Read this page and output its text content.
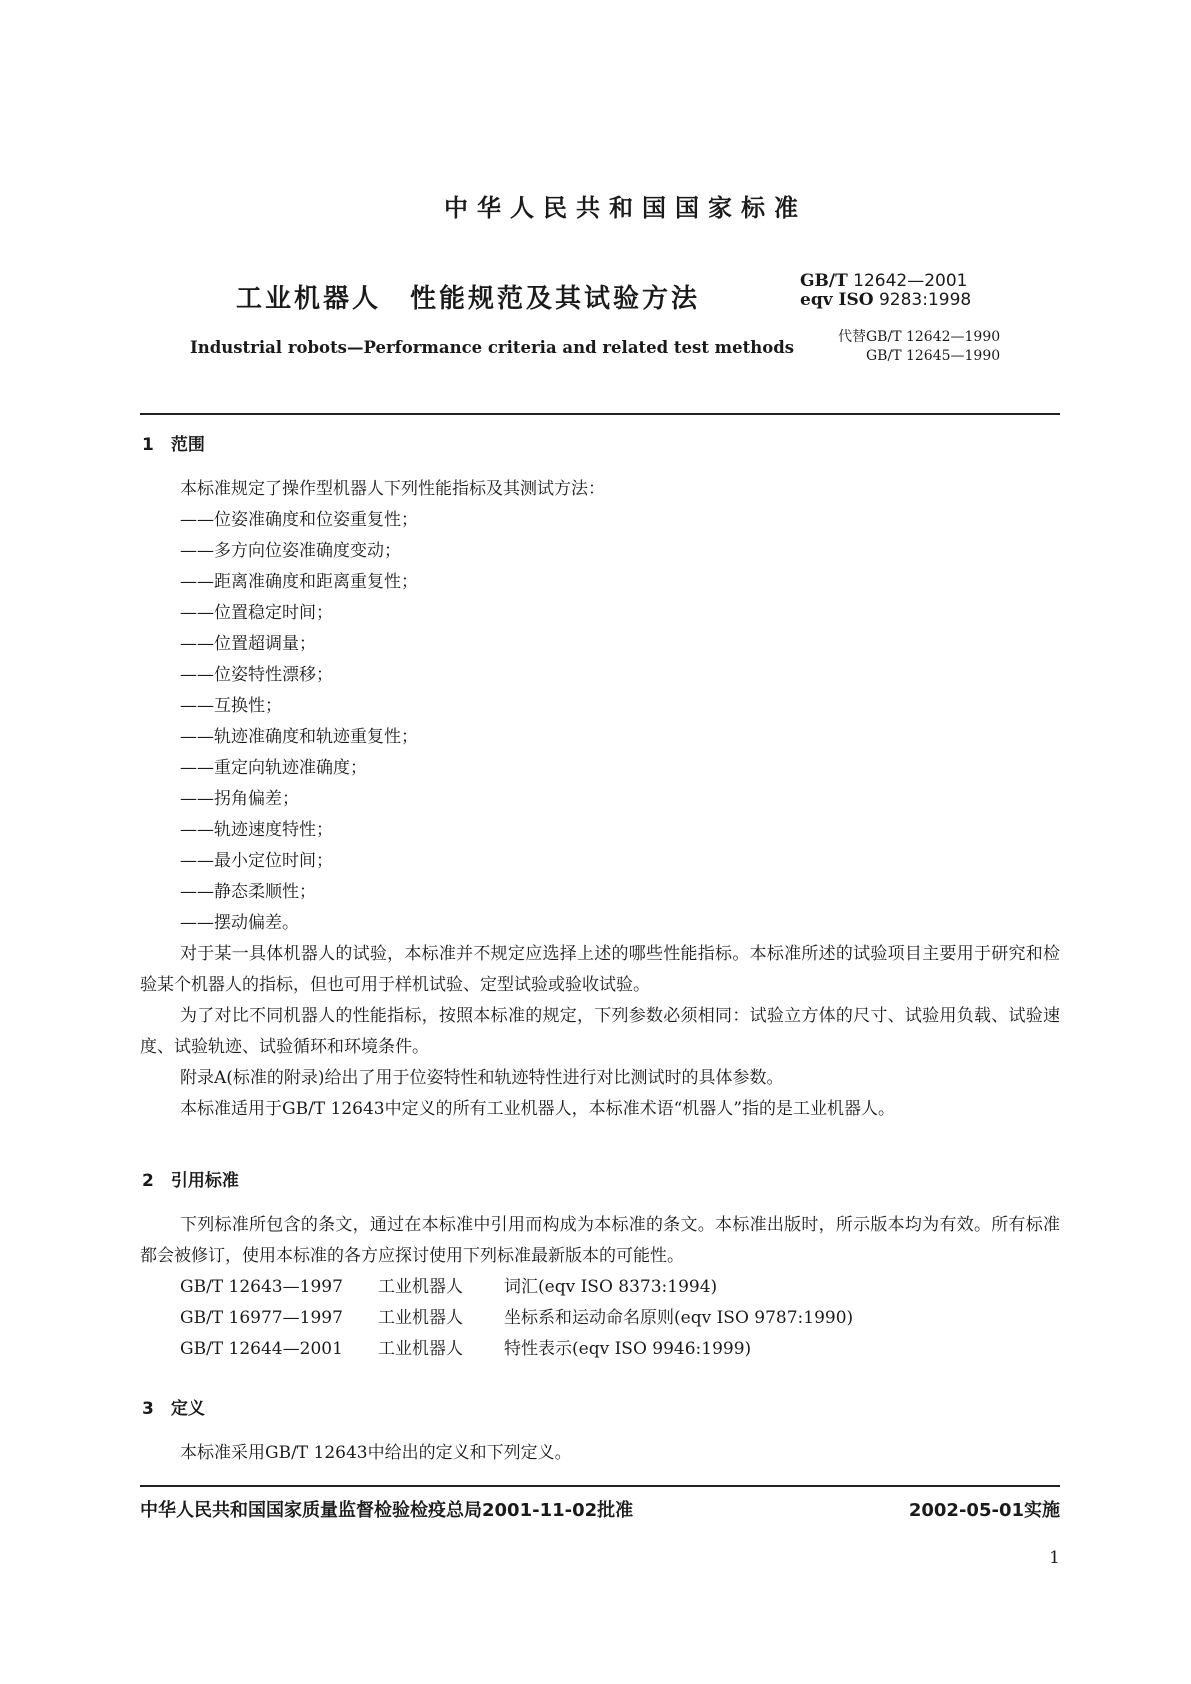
中华人民共和国国家标准
工业机器人　性能规范及其试验方法
Industrial robots—Performance criteria and related test methods
GB/T 12642—2001
eqv ISO 9283:1998
代替GB/T 12642—1990
GB/T 12645—1990
1　范围

本标准规定了操作型机器人下列性能指标及其测试方法：

——位姿准确度和位姿重复性；
——多方向位姿准确度变动；
——距离准确度和距离重复性；
——位置稳定时间；
——位置超调量；
——位姿特性漂移；
——互换性；
——轨迹准确度和轨迹重复性；
——重定向轨迹准确度；
——拐角偏差；
——轨迹速度特性；
——最小定位时间；
——静态柔顺性；
——摆动偏差。

对于某一具体机器人的试验，本标准并不规定应选择上述的哪些性能指标。本标准所述的试验项目主要用于研究和检验某个机器人的指标，但也可用于样机试验、定型试验或验收试验。

为了对比不同机器人的性能指标，按照本标准的规定，下列参数必须相同：试验立方体的尺寸、试验用负载、试验速度、试验轨迹、试验循环和环境条件。

附录A(标准的附录)给出了用于位姿特性和轨迹特性进行对比测试时的具体参数。

本标准适用于GB/T 12643中定义的所有工业机器人，本标准术语“机器人”指的是工业机器人。

2　引用标准

下列标准所包含的条文，通过在本标准中引用而构成为本标准的条文。本标准出版时，所示版本均为有效。所有标准都会被修订，使用本标准的各方应探讨使用下列标准最新版本的可能性。

GB/T 12643—1997	工业机器人	词汇(eqv ISO 8373:1994)
GB/T 16977—1997	工业机器人	坐标系和运动命名原则(eqv ISO 9787:1990)
GB/T 12644—2001	工业机器人	特性表示(eqv ISO 9946:1999)
3　定义

本标准采用GB/T 12643中给出的定义和下列定义。

中华人民共和国国家质量监督检验检疫总局2001-11-02批准	2002-05-01实施
1
